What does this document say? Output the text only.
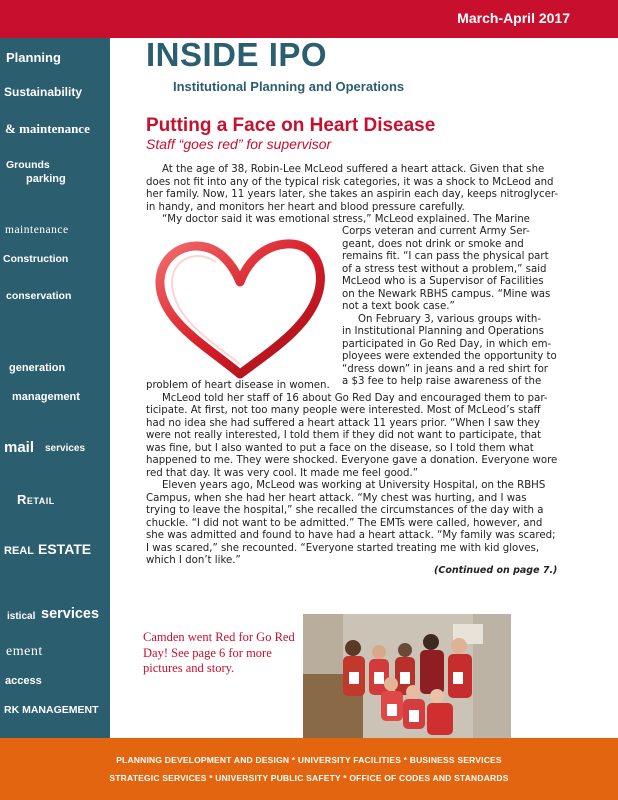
March-April 2017
Planning
Sustainability
& maintenance
Grounds
parking
maintenance
Construction
conservation
generation
management
mail services
Retail
REAL ESTATE
istical services
ement
access
RK MANAGEMENT
INSIDE IPO
Institutional Planning and Operations
Putting a Face on Heart Disease
Staff “goes red” for supervisor

At the age of 38, Robin-Lee McLeod suffered a heart attack. Given that she

does not fit into any of the typical risk categories, it was a shock to McLeod and

her family. Now, 11 years later, she takes an aspirin each day, keeps nitroglycer-

in handy, and monitors her heart and blood pressure carefully.

“My doctor said it was emotional stress,” McLeod explained. The Marine

Corps veteran and current Army Ser-

geant, does not drink or smoke and

remains fit. “I can pass the physical part

of a stress test without a problem,” said

McLeod who is a Supervisor of Facilities

on the Newark RBHS campus. “Mine was

not a text book case.”

On February 3, various groups with-

in Institutional Planning and Operations

participated in Go Red Day, in which em-

ployees were extended the opportunity to

“dress down” in jeans and a red shirt for

a $3 fee to help raise awareness of the

problem of heart disease in women.

McLeod told her staff of 16 about Go Red Day and encouraged them to par-

ticipate. At first, not too many people were interested. Most of McLeod’s staff

had no idea she had suffered a heart attack 11 years prior. “When I saw they

were not really interested, I told them if they did not want to participate, that

was fine, but I also wanted to put a face on the disease, so I told them what

happened to me. They were shocked. Everyone gave a donation. Everyone wore

red that day. It was very cool. It made me feel good.”

Eleven years ago, McLeod was working at University Hospital, on the RBHS

Campus, when she had her heart attack. “My chest was hurting, and I was

trying to leave the hospital,” she recalled the circumstances of the day with a

chuckle. “I did not want to be admitted.” The EMTs were called, however, and

she was admitted and found to have had a heart attack. “My family was scared;

I was scared,” she recounted. “Everyone started treating me with kid gloves,

which I don’t like.”

(Continued on page 7.)
Camden went Red for Go Red Day! See page 6 for more pictures and story.
PLANNING DEVELOPMENT AND DESIGN * UNIVERSITY FACILITIES * BUSINESS SERVICES
STRATEGIC SERVICES * UNIVERSITY PUBLIC SAFETY * OFFICE OF CODES AND STANDARDS
